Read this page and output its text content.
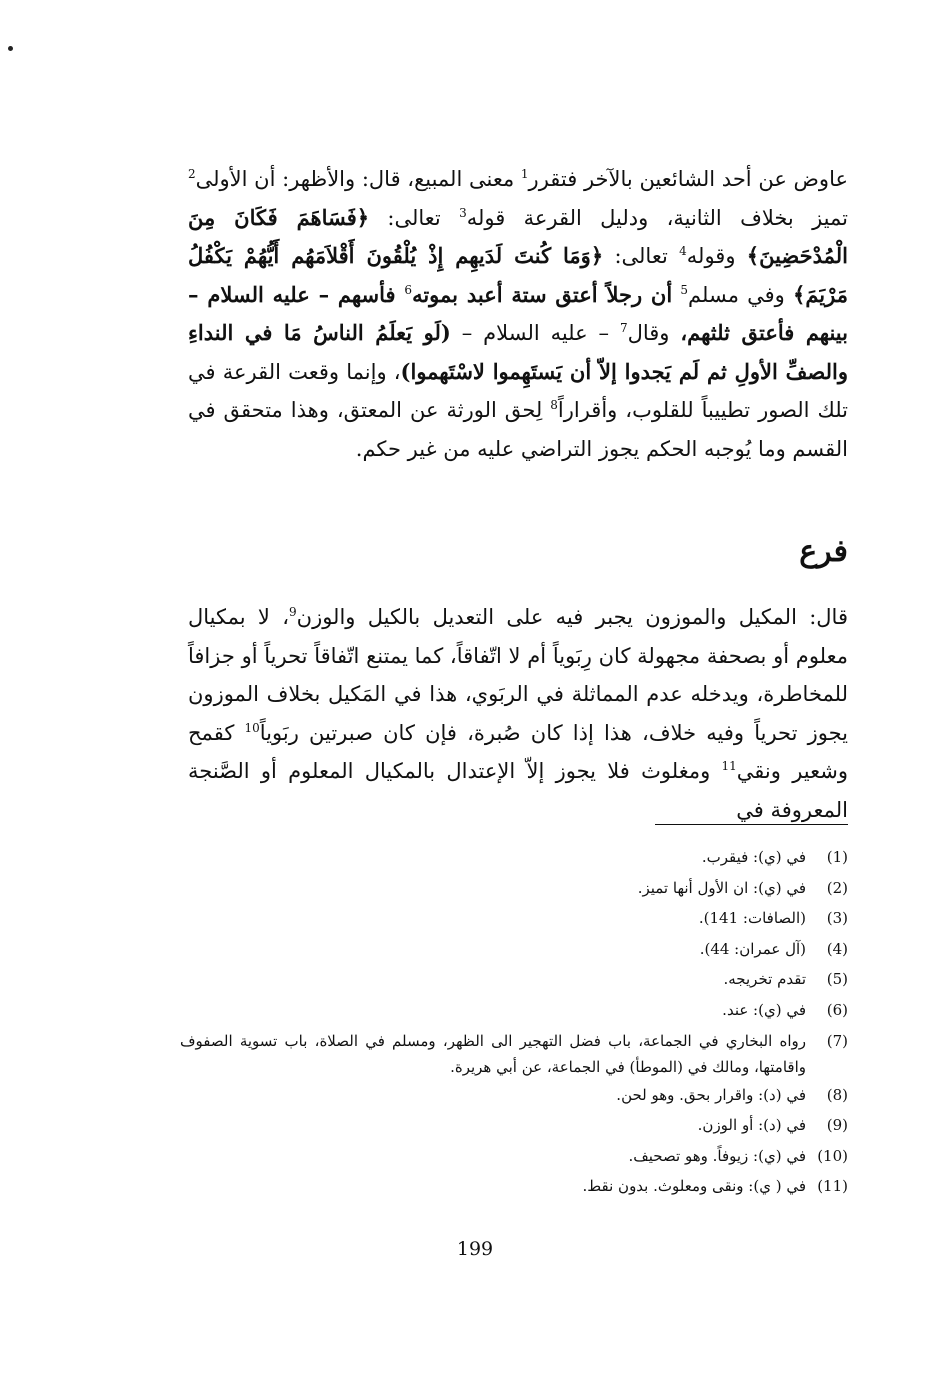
عاوض عن أحد الشائعين بالآخر فتقرر$^1$ معنى المبيع، قال: والأظهر: أن الأولى$^2$ تميز بخلاف الثانية، ودليل القرعة قوله$^3$ تعالى: ﴿فَسَاهَمَ فَكَانَ مِنَ الْمُدْحَضِينَ﴾ وقوله$^4$ تعالى: ﴿وَمَا كُنتَ لَدَيهِم إِذْ يُلْقُونَ أَقْلاَمَهُم أَيُّهُمْ يَكْفُلُ مَرْيَمَ﴾ وفي مسلم$^5$ أن رجلاً أعتق ستة أعبد بموته$^6$ فأسهم – عليه السلام – بينهم فأعتق ثلثهم، وقال$^7$ – عليه السلام – (لَو يَعلَمُ الناسُ مَا في النداءِ والصفِّ الأولِ ثم لَم يَجدوا إلاّ أن يَستَهِموا لاسْتَهموا)، وإنما وقعت القرعة في تلك الصور تطييباً للقلوب، وأقراراً$^8$ لِحق الورثة عن المعتق، وهذا متحقق في القسم وما يُوجبه الحكم يجوز التراضي عليه من غير حكم.

فرع

قال: المكيل والموزون يجبر فيه على التعديل بالكيل والوزن$^9$، لا بمكيال معلوم أو بصحفة مجهولة كان رِبَوياً أم لا اتّفاقاً، كما يمتنع اتّفاقاً تحرياً أو جزافاً للمخاطرة، ويدخله عدم المماثلة في الربَوي، هذا في المَكيل بخلاف الموزون يجوز تحرياً وفيه خلاف، هذا إذا كان صُبرة، فإن كان صبرتين ربَوياً$^{10}$ كقمح وشعير ونقي$^{11}$ ومغلوث فلا يجوز إلاّ الإعتدال بالمكيال المعلوم أو الصَّنجة المعروفة في

(1)
في (ي): فيقرب.
(2)
في (ي): ان الأول أنها تميز.
(3)
(الصافات: 141).
(4)
(آل عمران: 44).
(5)
تقدم تخريجه.
(6)
في (ي): عند.
(7)
رواه البخاري في الجماعة، باب فضل التهجير الى الظهر، ومسلم في الصلاة، باب تسوية الصفوف واقامتها، ومالك في (الموطأ) في الجماعة، عن أبي هريرة.
(8)
في (د): واقرار بحق. وهو لحن.
(9)
في (د): أو الوزن.
(10)
في (ي): زيوفاً. وهو تصحيف.
(11)
في ( ي): ونقى ومعلوث. بدون نقط.
199
